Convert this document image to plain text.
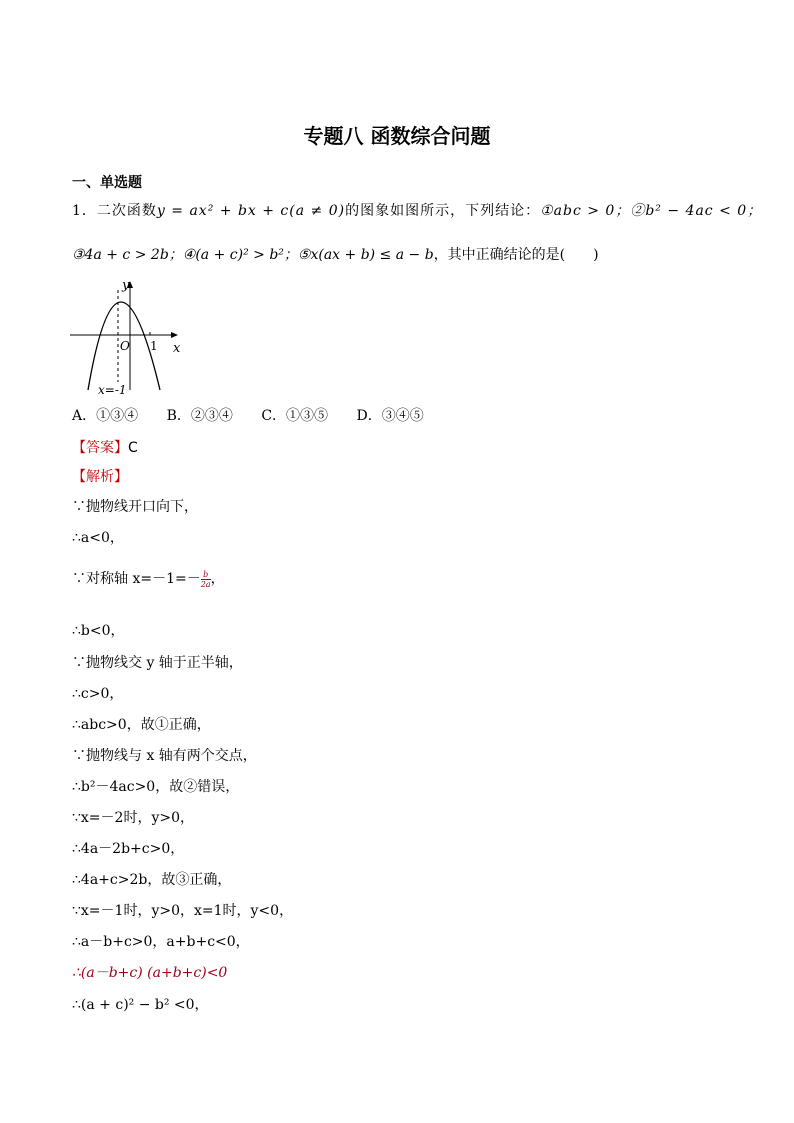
专题八 函数综合问题
一、单选题
1．二次函数y = ax² + bx + c(a ≠ 0)的图象如图所示，下列结论：①abc > 0；②b² − 4ac < 0；
③4a + c > 2b；④(a + c)² > b²；⑤x(ax + b) ≤ a − b，其中正确结论的是(　　)
y
x
O 1
x=-1
A．①③④ B．②③④ C．①③⑤ D．③④⑤
【答案】C
【解析】
∵抛物线开口向下，
∴a<0，
∵对称轴 $x=-1=- \frac{b}{2a}$ ，
∴b<0，
∵抛物线交 y 轴于正半轴，
∴c>0，
∴abc>0，故①正确，
∵抛物线与 x 轴有两个交点，
∴b²－4ac>0，故②错误，
∵x=－2时，y>0，
∴4a－2b+c>0，
∴4a+c>2b，故③正确，
∵x=－1时，y>0，x=1时，y<0，
∴a－b+c>0，a+b+c<0，
∴(a－b+c) (a+b+c)<0
∴(a + c)² − b² <0，
